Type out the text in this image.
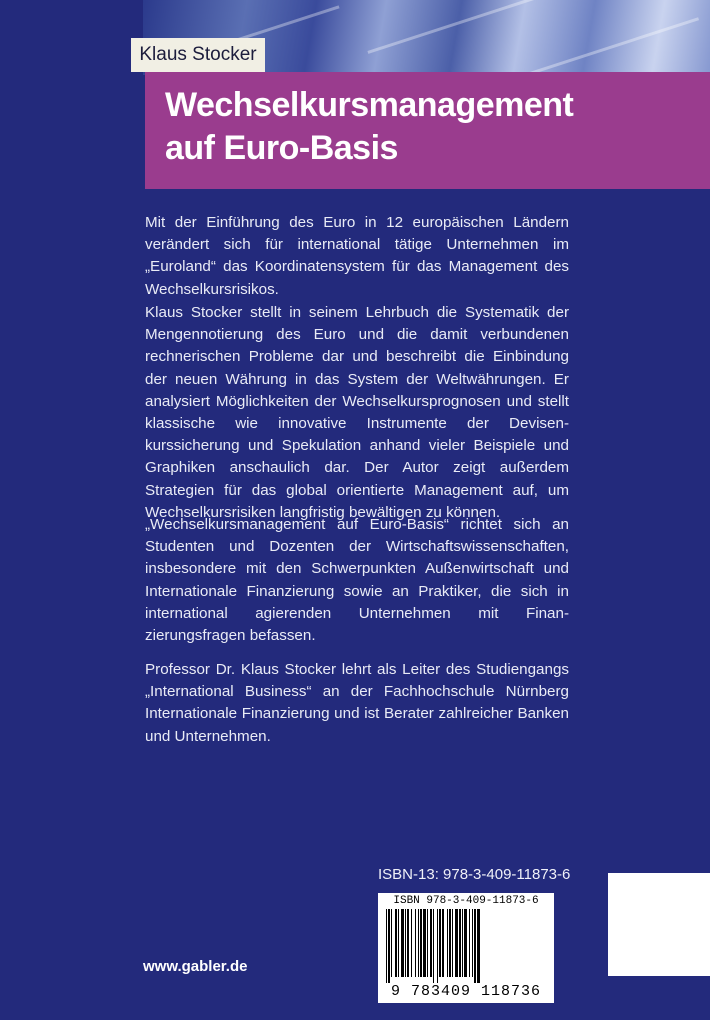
Klaus Stocker
Wechselkursmanagement
auf Euro-Basis

Mit der Einführung des Euro in 12 europäischen Ländern verändert sich für international tätige Unternehmen im „Euroland“ das Koordinatensystem für das Management des Wechselkursrisikos.

Klaus Stocker stellt in seinem Lehrbuch die Systematik der Mengennotierung des Euro und die damit verbundenen rechnerischen Probleme dar und beschreibt die Einbindung der neuen Währung in das System der Weltwährungen. Er analysiert Möglichkeiten der Wechselkursprognosen und stellt klassische wie innovative Instrumente der Devisenkurssicherung und Spekulation anhand vieler Beispiele und Graphiken anschaulich dar. Der Autor zeigt außerdem Strategien für das global orientierte Management auf, um Wechselkursrisiken langfristig bewältigen zu können.

„Wechselkursmanagement auf Euro-Basis“ richtet sich an Studenten und Dozenten der Wirtschaftswissenschaften, insbesondere mit den Schwerpunkten Außenwirtschaft und Internationale Finanzierung sowie an Praktiker, die sich in international agierenden Unternehmen mit Finanzierungsfragen befassen.

Professor Dr. Klaus Stocker lehrt als Leiter des Studiengangs „International Business“ an der Fachhochschule Nürnberg Internationale Finanzierung und ist Berater zahlreicher Banken und Unternehmen.

ISBN-13: 978-3-409-11873-6
ISBN 978-3-409-11873-6
9 783409 118736
www.gabler.de
